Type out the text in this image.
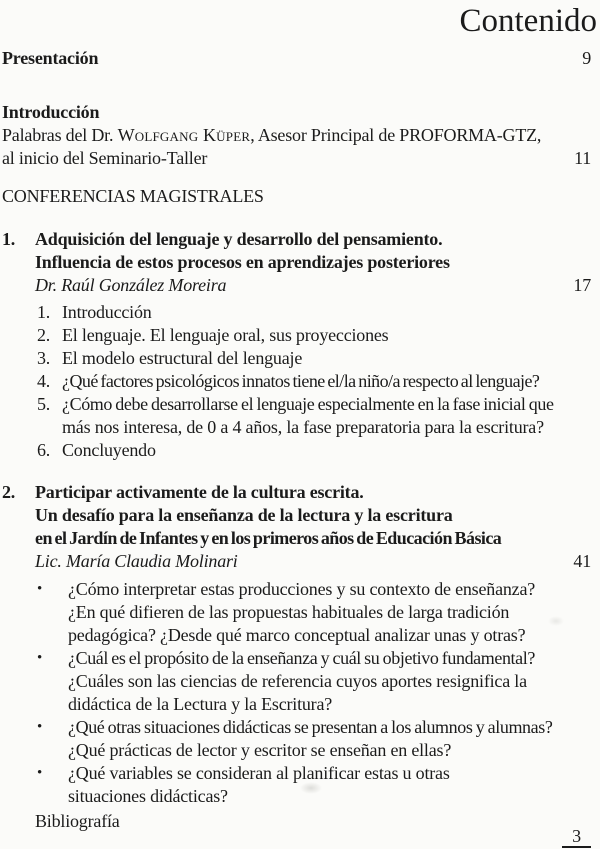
Contenido
Presentación	9
Introducción
Palabras del Dr. Wolfgang Küper, Asesor Principal de PROFORMA-GTZ,
al inicio del Seminario-Taller	11
CONFERENCIAS MAGISTRALES
1.	Adquisición del lenguaje y desarrollo del pensamiento.
Influencia de estos procesos en aprendizajes posteriores
Dr. Raúl González Moreira	17
1. Introducción
2. El lenguaje. El lenguaje oral, sus proyecciones
3. El modelo estructural del lenguaje
4. ¿Qué factores psicológicos innatos tiene el/la niño/a respecto al lenguaje?
5. ¿Cómo debe desarrollarse el lenguaje especialmente en la fase inicial que
más nos interesa, de 0 a 4 años, la fase preparatoria para la escritura?
6. Concluyendo
2.	Participar activamente de la cultura escrita.
Un desafío para la enseñanza de la lectura y la escritura
en el Jardín de Infantes y en los primeros años de Educación Básica
Lic. María Claudia Molinari	41
•	¿Cómo interpretar estas producciones y su contexto de enseñanza?
¿En qué difieren de las propuestas habituales de larga tradición
pedagógica? ¿Desde qué marco conceptual analizar unas y otras?
•	¿Cuál es el propósito de la enseñanza y cuál su objetivo fundamental?
¿Cuáles son las ciencias de referencia cuyos aportes resignifica la
didáctica de la Lectura y la Escritura?
•	¿Qué otras situaciones didácticas se presentan a los alumnos y alumnas?
¿Qué prácticas de lector y escritor se enseñan en ellas?
•	¿Qué variables se consideran al planificar estas u otras
situaciones didácticas?
Bibliografía
3
